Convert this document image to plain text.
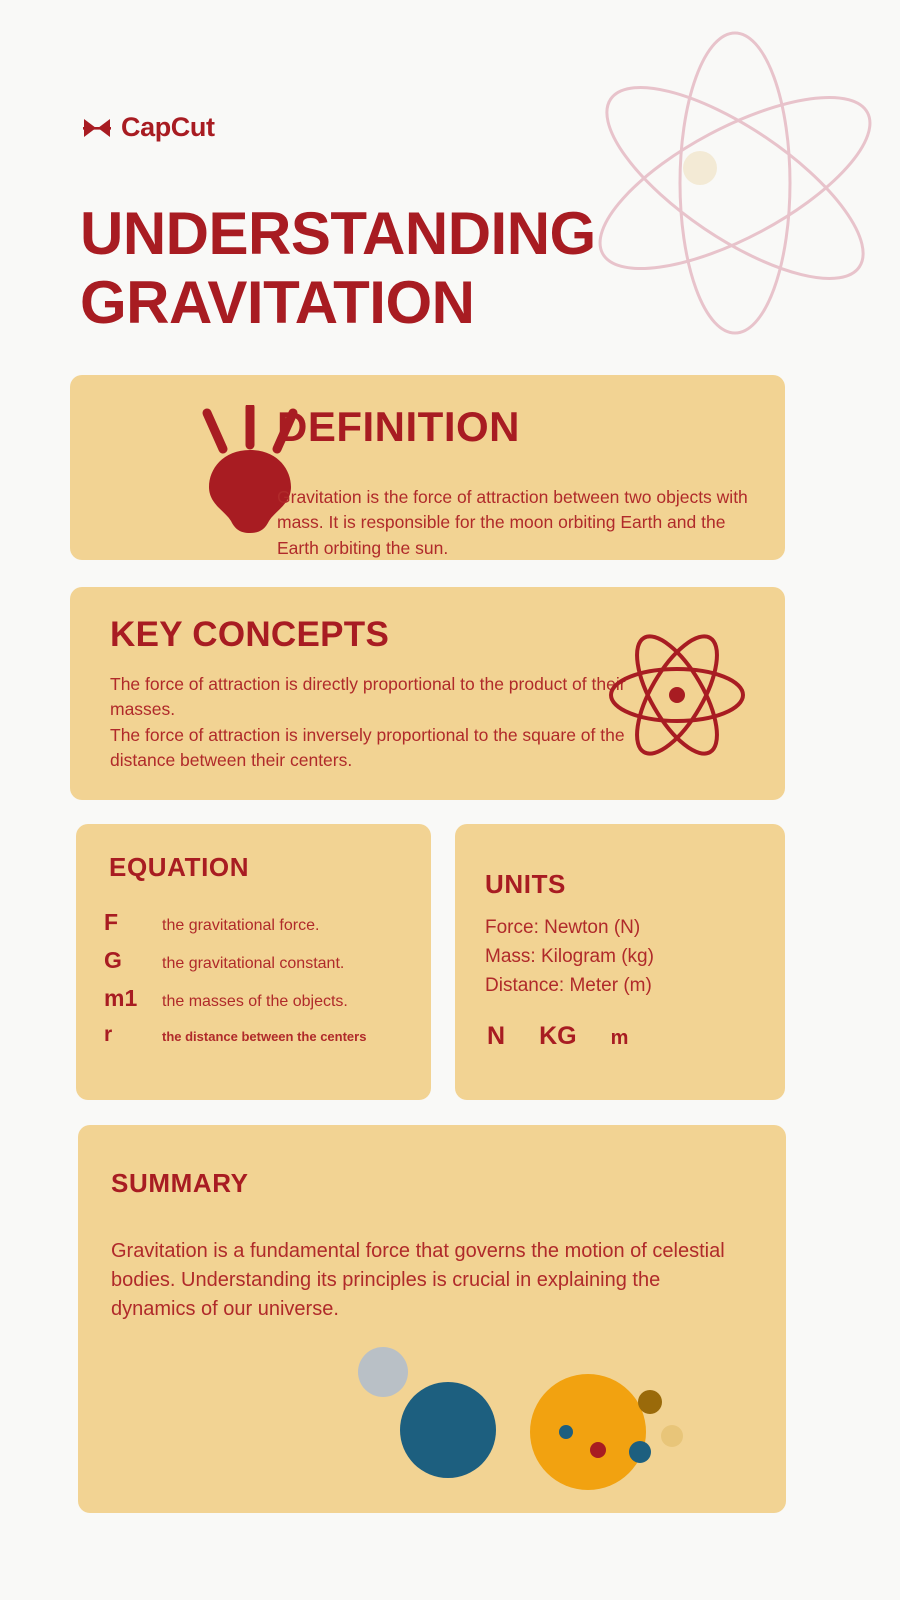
CapCut
UNDERSTANDING
GRAVITATION
DEFINITION

Gravitation is the force of attraction between two objects with mass. It is responsible for the moon orbiting Earth and the Earth orbiting the sun.

KEY CONCEPTS
The force of attraction is directly proportional to the product of their masses.
The force of attraction is inversely proportional to the square of the distance between their centers.
EQUATION
F	the gravitational force.
G	the gravitational constant.
m1	the masses of the objects.
r	the distance between the centers
UNITS
Force: Newton (N)
Mass: Kilogram (kg)
Distance: Meter (m)
N KG m
SUMMARY

Gravitation is a fundamental force that governs the motion of celestial bodies. Understanding its principles is crucial in explaining the dynamics of our universe.
